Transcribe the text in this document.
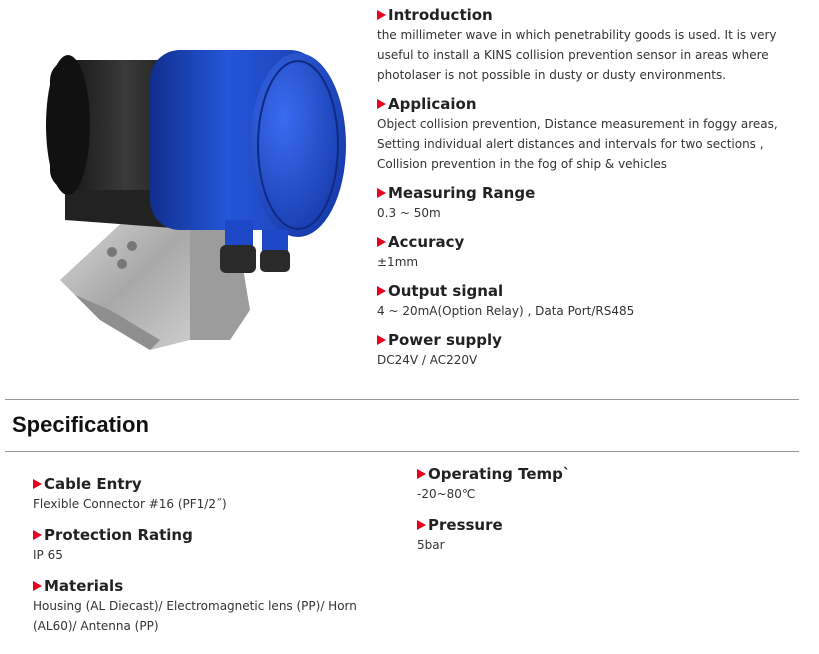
Introduction
the millimeter wave in which penetrability goods is used. It is very useful to install a KINS collision prevention sensor in areas where photolaser is not possible in dusty or dusty environments.
Applicaion
Object collision prevention, Distance measurement in foggy areas,
Setting individual alert distances and intervals for two sections ,
Collision prevention in the fog of ship & vehicles
Measuring Range
0.3 ~ 50m
Accuracy
±1mm
Output signal
4 ~ 20mA(Option Relay) , Data Port/RS485
Power supply
DC24V / AC220V
Specification
Cable Entry
Flexible Connector #16 (PF1/2˝)
Protection Rating
IP 65
Materials
Housing (AL Diecast)/ Electromagnetic lens (PP)/ Horn
(AL60)/ Antenna (PP)
Operating Temp`
-20~80℃
Pressure
5bar
